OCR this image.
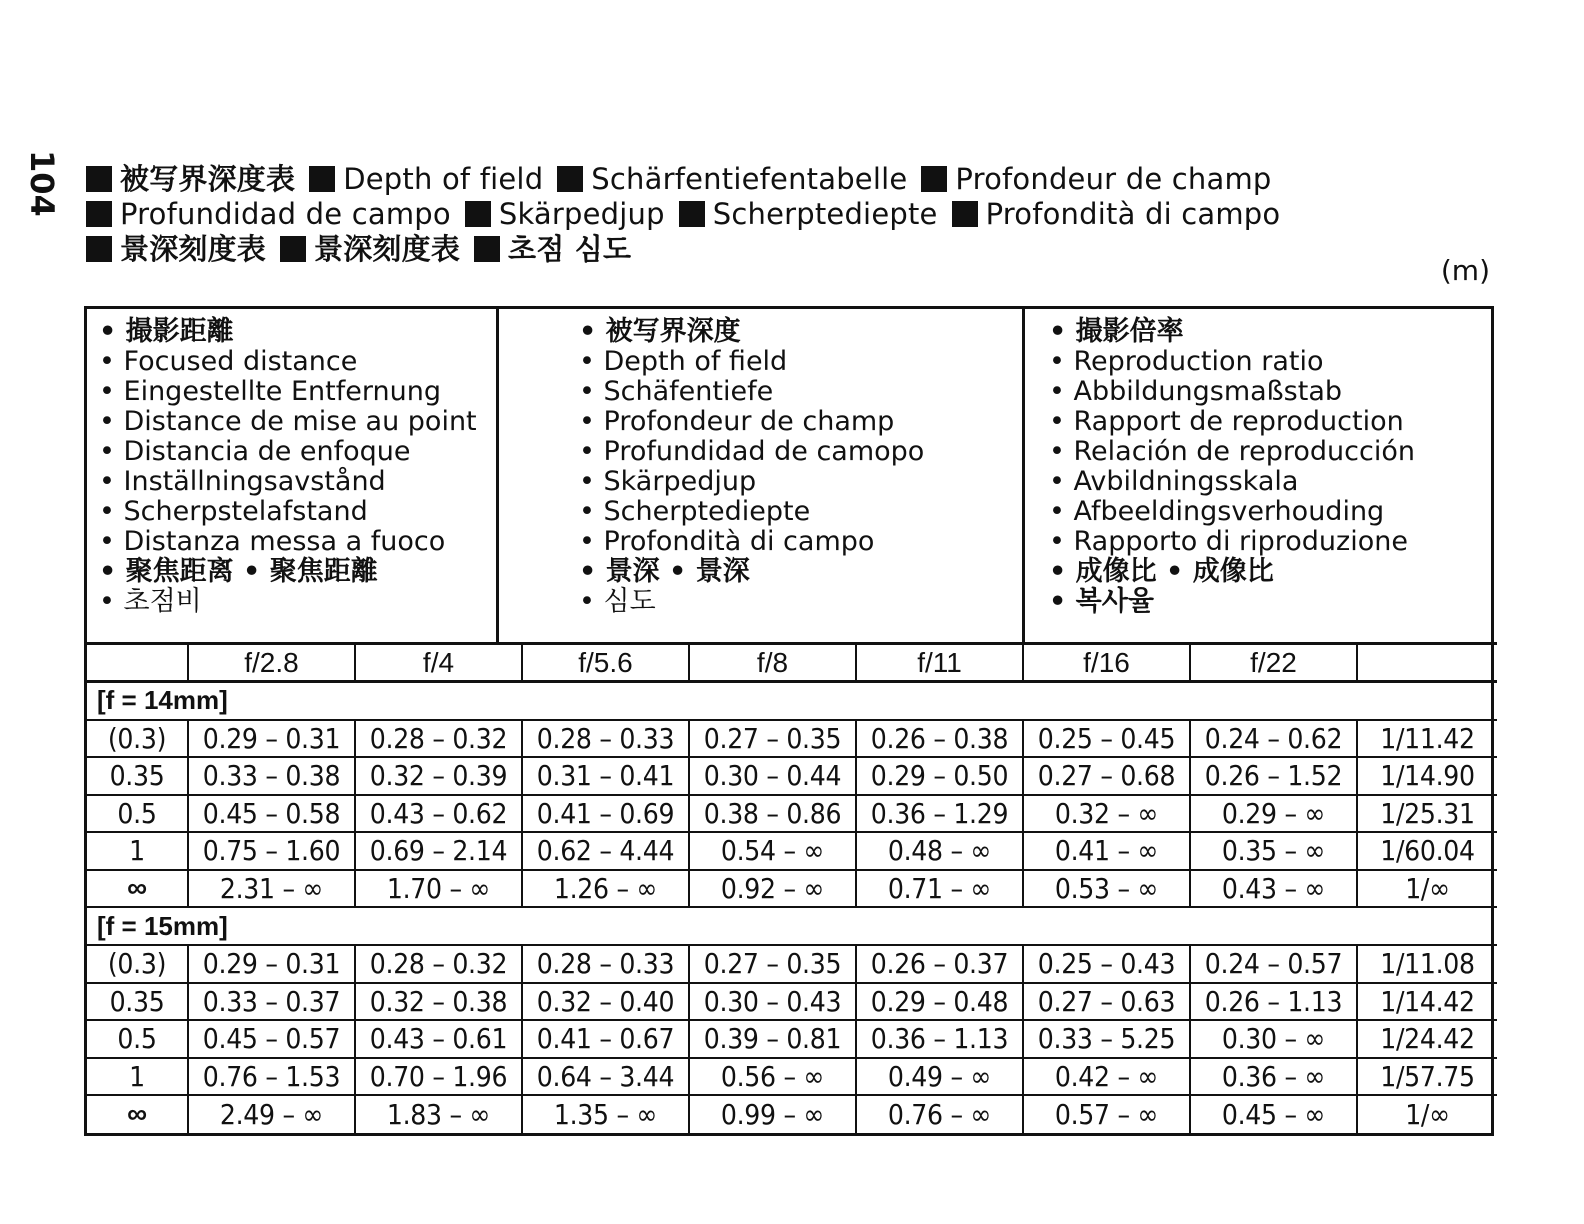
104	被写界深度表 Depth of field Schärfentiefentabelle Profondeur de champ
Profundidad de campo Skärpedjup Scherptediepte Profondità di campo
景深刻度表 景深刻度表 초점 심도
(m)
• 撮影距離
• Focused distance
• Eingestellte Entfernung
• Distance de mise au point
• Distancia de enfoque
• Inställningsavstånd
• Scherpstelafstand
• Distanza messa a fuoco
• 聚焦距离 • 聚焦距離
• 초점비
• 被写界深度
• Depth of field
• Schäfentiefe
• Profondeur de champ
• Profundidad de camopo
• Skärpedjup
• Scherptediepte
• Profondità di campo
• 景深 • 景深
• 심도
• 撮影倍率
• Reproduction ratio
• Abbildungsmaßstab
• Rapport de reproduction
• Relación de reproducción
• Avbildningsskala
• Afbeeldingsverhouding
• Rapporto di riproduzione
• 成像比 • 成像比
• 복사율
	f/2.8	f/4	f/5.6	f/8	f/11	f/16	f/22	
[f = 14mm]								
(0.3)	0.29 – 0.31	0.28 – 0.32	0.28 – 0.33	0.27 – 0.35	0.26 – 0.38	0.25 – 0.45	0.24 – 0.62	1/11.42
0.35	0.33 – 0.38	0.32 – 0.39	0.31 – 0.41	0.30 – 0.44	0.29 – 0.50	0.27 – 0.68	0.26 – 1.52	1/14.90
0.5	0.45 – 0.58	0.43 – 0.62	0.41 – 0.69	0.38 – 0.86	0.36 – 1.29	0.32 – ∞	0.29 – ∞	1/25.31
1	0.75 – 1.60	0.69 – 2.14	0.62 – 4.44	0.54 – ∞	0.48 – ∞	0.41 – ∞	0.35 – ∞	1/60.04
∞	2.31 – ∞	1.70 – ∞	1.26 – ∞	0.92 – ∞	0.71 – ∞	0.53 – ∞	0.43 – ∞	1/∞
[f = 15mm]								
(0.3)	0.29 – 0.31	0.28 – 0.32	0.28 – 0.33	0.27 – 0.35	0.26 – 0.37	0.25 – 0.43	0.24 – 0.57	1/11.08
0.35	0.33 – 0.37	0.32 – 0.38	0.32 – 0.40	0.30 – 0.43	0.29 – 0.48	0.27 – 0.63	0.26 – 1.13	1/14.42
0.5	0.45 – 0.57	0.43 – 0.61	0.41 – 0.67	0.39 – 0.81	0.36 – 1.13	0.33 – 5.25	0.30 – ∞	1/24.42
1	0.76 – 1.53	0.70 – 1.96	0.64 – 3.44	0.56 – ∞	0.49 – ∞	0.42 – ∞	0.36 – ∞	1/57.75
∞	2.49 – ∞	1.83 – ∞	1.35 – ∞	0.99 – ∞	0.76 – ∞	0.57 – ∞	0.45 – ∞	1/∞
